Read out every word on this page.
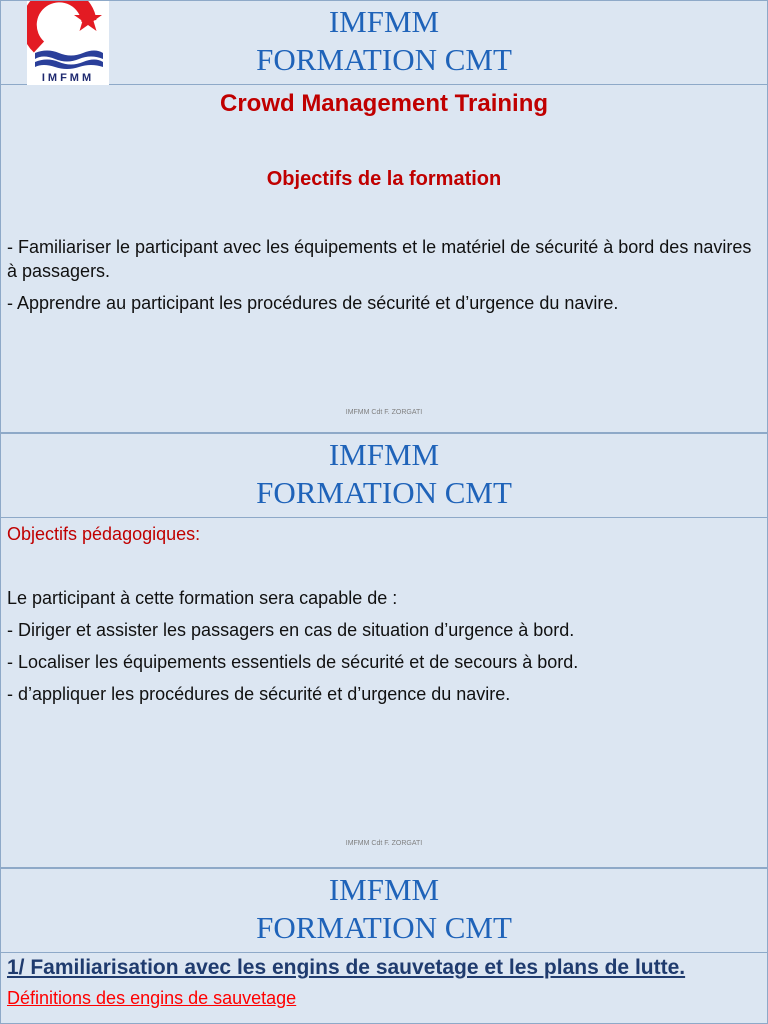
IMFMM
IMFMM
FORMATION CMT
Crowd Management Training
Objectifs de la formation
- Familiariser le participant avec les équipements et le matériel de sécurité à bord des navires à passagers.
- Apprendre au participant les procédures de sécurité et d’urgence du navire.
IMFMM Cdt F. ZORGATI
IMFMM
FORMATION CMT
Objectifs pédagogiques:
Le participant à cette formation sera capable de :
- Diriger et assister les passagers en cas de situation d’urgence à bord.
- Localiser les équipements essentiels de sécurité et de secours à bord.
- d’appliquer les procédures de sécurité et d’urgence du navire.
IMFMM Cdt F. ZORGATI
IMFMM
FORMATION CMT
1/ Familiarisation avec les engins de sauvetage et les plans de lutte.
Définitions des engins de sauvetage
